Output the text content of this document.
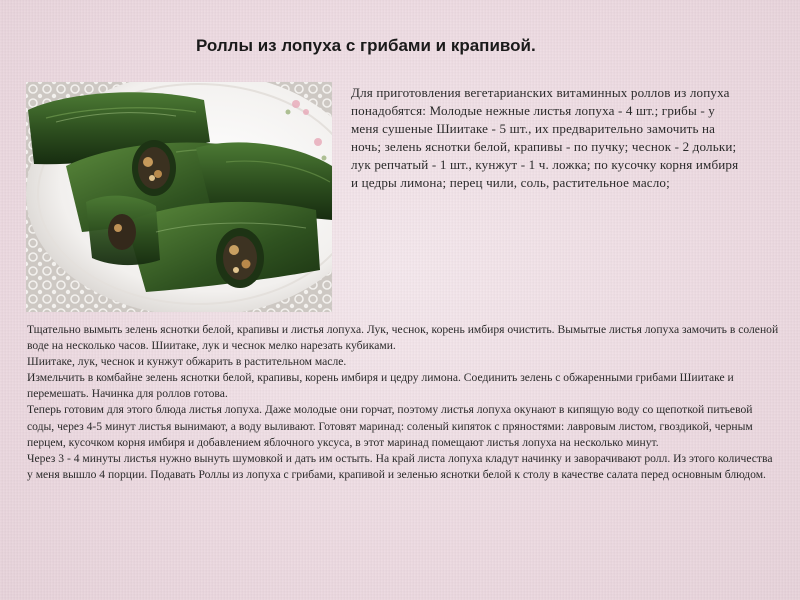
Роллы из лопуха с грибами и крапивой.
Для приготовления вегетарианских витаминных роллов из лопуха понадобятся: Молодые нежные листья лопуха - 4 шт.; грибы - у меня сушеные Шиитаке - 5 шт., их предварительно замочить на ночь; зелень яснотки белой, крапивы - по пучку; чеснок - 2 дольки; лук репчатый - 1 шт., кунжут - 1 ч. ложка; по кусочку корня имбиря и цедры лимона; перец чили, соль, растительное масло;

Тщательно вымыть зелень яснотки белой, крапивы и листья лопуха. Лук, чеснок, корень имбиря очистить. Вымытые листья лопуха замочить в соленой воде на несколько часов. Шиитаке, лук и чеснок мелко нарезать кубиками.

Шиитаке, лук, чеснок и кунжут обжарить в растительном масле.

Измельчить в комбайне зелень яснотки белой, крапивы, корень имбиря и цедру лимона. Соединить зелень с обжаренными грибами Шиитаке и перемешать. Начинка для роллов готова.

Теперь готовим для этого блюда листья лопуха. Даже молодые они горчат, поэтому листья лопуха окунают в кипящую воду со щепоткой питьевой соды, через 4-5 минут листья вынимают, а воду выливают. Готовят маринад: соленый кипяток с пряностями: лавровым листом, гвоздикой, черным перцем, кусочком корня имбиря и добавлением яблочного уксуса, в этот маринад помещают листья лопуха на несколько минут.

Через 3 - 4 минуты листья нужно вынуть шумовкой и дать им остыть. На край листа лопуха кладут начинку и заворачивают ролл. Из этого количества у меня вышло 4 порции. Подавать Роллы из лопуха с грибами, крапивой и зеленью яснотки белой к столу в качестве салата перед основным блюдом.
